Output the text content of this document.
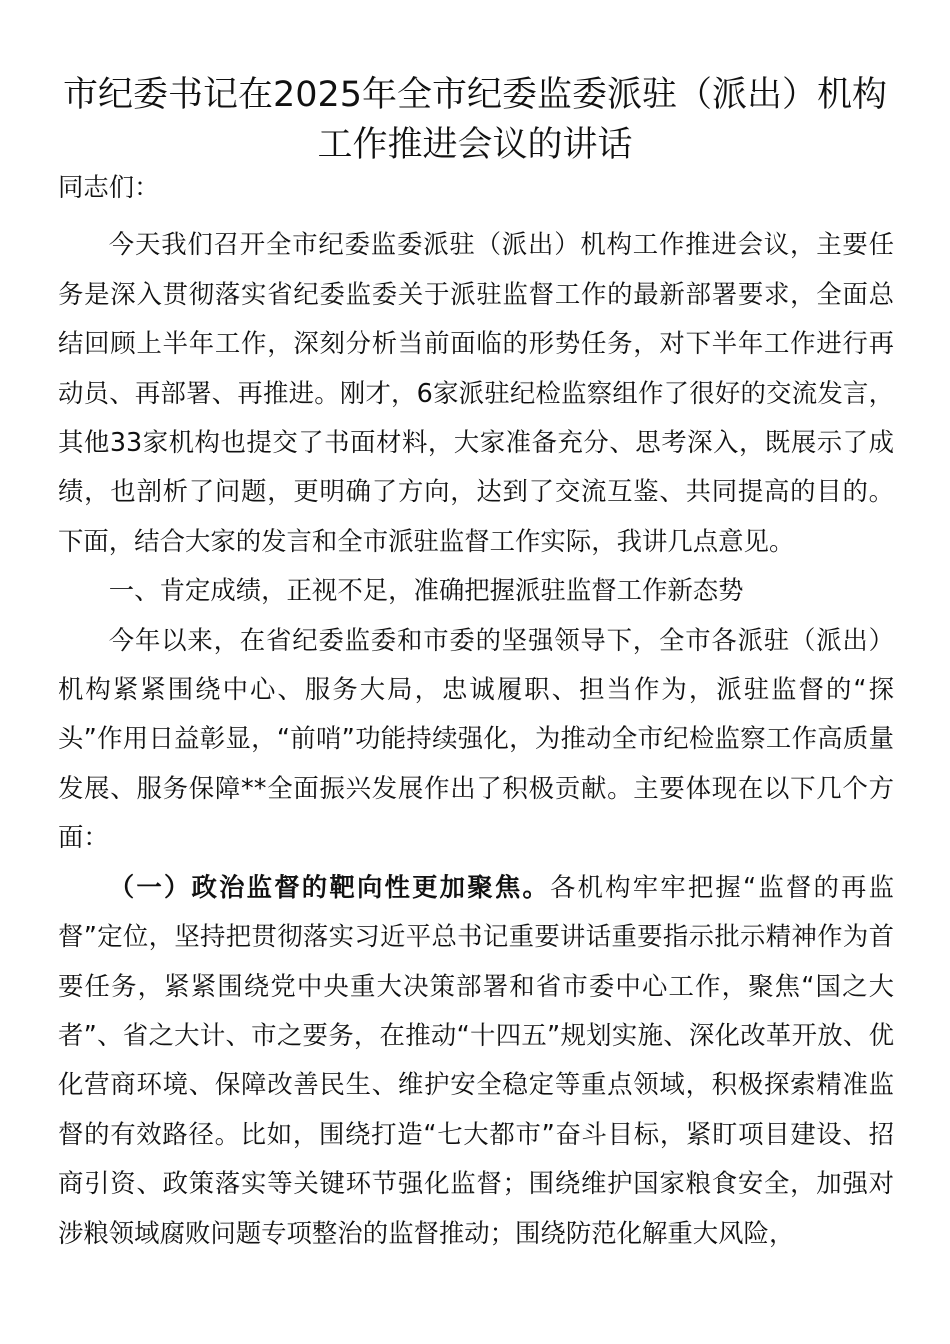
市纪委书记在2025年全市纪委监委派驻（派出）机构工作推进会议的讲话

同志们：

今天我们召开全市纪委监委派驻（派出）机构工作推进会议，主要任务是深入贯彻落实省纪委监委关于派驻监督工作的最新部署要求，全面总结回顾上半年工作，深刻分析当前面临的形势任务，对下半年工作进行再动员、再部署、再推进。刚才，6家派驻纪检监察组作了很好的交流发言，其他33家机构也提交了书面材料，大家准备充分、思考深入，既展示了成绩，也剖析了问题，更明确了方向，达到了交流互鉴、共同提高的目的。下面，结合大家的发言和全市派驻监督工作实际，我讲几点意见。

一、肯定成绩，正视不足，准确把握派驻监督工作新态势

今年以来，在省纪委监委和市委的坚强领导下，全市各派驻（派出）机构紧紧围绕中心、服务大局，忠诚履职、担当作为，派驻监督的“探头”作用日益彰显，“前哨”功能持续强化，为推动全市纪检监察工作高质量发展、服务保障**全面振兴发展作出了积极贡献。主要体现在以下几个方面：

（一）政治监督的靶向性更加聚焦。各机构牢牢把握“监督的再监督”定位，坚持把贯彻落实习近平总书记重要讲话重要指示批示精神作为首要任务，紧紧围绕党中央重大决策部署和省市委中心工作，聚焦“国之大者”、省之大计、市之要务，在推动“十四五”规划实施、深化改革开放、优化营商环境、保障改善民生、维护安全稳定等重点领域，积极探索精准监督的有效路径。比如，围绕打造“七大都市”奋斗目标，紧盯项目建设、招商引资、政策落实等关键环节强化监督；围绕维护国家粮食安全，加强对涉粮领域腐败问题专项整治的监督推动；围绕防范化解重大风险，
